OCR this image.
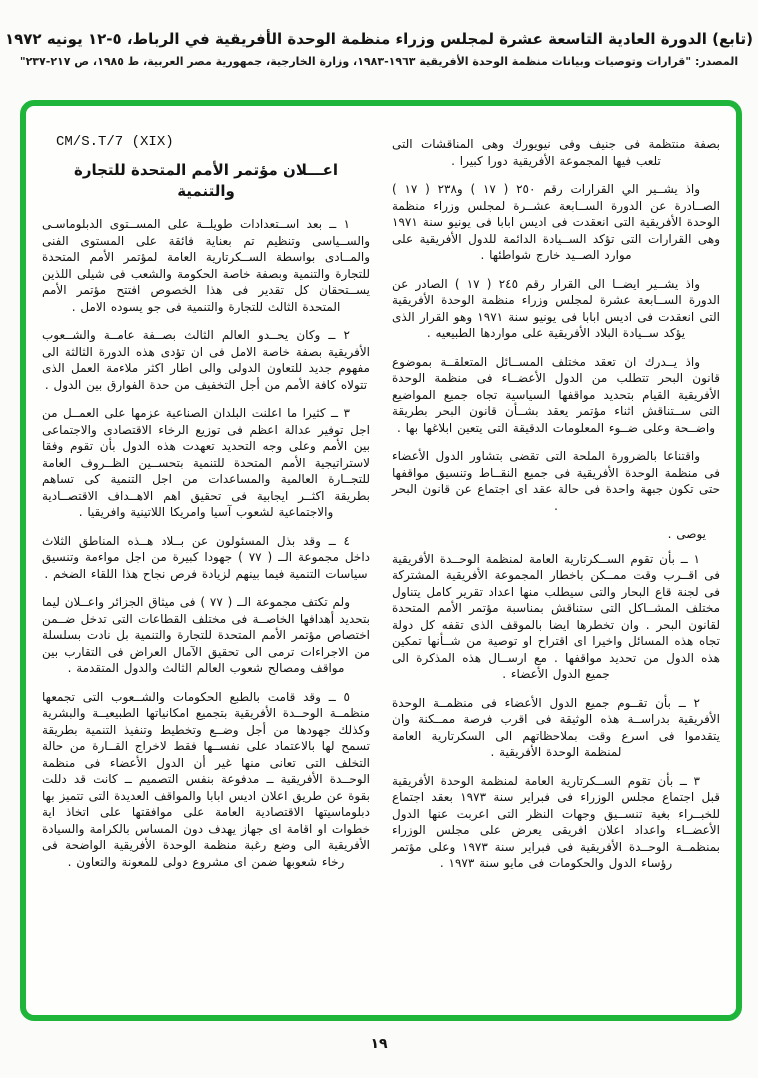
(تابع) الدورة العادية التاسعة عشرة لمجلس وزراء منظمة الوحدة الأفريقية في الرباط، ٥-١٢ يونيه ١٩٧٢
المصدر: "قرارات وتوصيات وبيانات منظمة الوحدة الأفريقية ١٩٦٣-١٩٨٣، وزارة الخارجية، جمهورية مصر العربية، ط ١٩٨٥، ص ٢١٧-٢٣٧"
CM/S.T/7 (XIX)
اعـــلان مؤتمر الأمم المتحدة للتجارة والتنمية

١ ــ بعد اســتعدادات طويلــة على المســتوى الدبلوماسـى والســياسى وتنظيم تم بعناية فائقة على المستوى الفنى والمــادى بواسطة الســكرتارية العامة لمؤتمر الأمم المتحدة للتجارة والتنمية وبصفة خاصة الحكومة والشعب فى شيلى اللذين يســتحقان كل تقدير فى هذا الخصوص افتتح مؤتمر الأمم المتحدة الثالث للتجارة والتنمية فى جو يسوده الامل .

٢ ــ وكان يحــدو العالم الثالث بصــفة عامــة والشــعوب الأفريقية بصفة خاصة الامل فى ان تؤدى هذه الدورة الثالثة الى مفهوم جديد للتعاون الدولى والى اطار اكثر ملاءمة العمل الذى تتولاه كافة الأمم من أجل التخفيف من حدة الفوارق بين الدول .

٣ ــ كثيرا ما اعلنت البلدان الصناعية عزمها على العمــل من اجل توفير عدالة اعظم فى توزيع الرخاء الاقتصادى والاجتماعى بين الأمم وعلى وجه التحديد تعهدت هذه الدول بأن تقوم وفقا لاستراتيجية الأمم المتحدة للتنمية بتحســين الظــروف العامة للتجــارة العالمية والمساعدات من اجل التنمية كى تساهم بطريقة اكثــر ايجابية فى تحقيق اهم الاهــداف الاقتصــادية والاجتماعية لشعوب آسيا وامريكا اللاتينية وافريقيا .

٤ ــ وقد بذل المسئولون عن بــلاد هــذه المناطق الثلاث داخل مجموعة الــ ( ٧٧ ) جهودا كبيرة من اجل مواءمة وتنسيق سياسات التنمية فيما بينهم لزيادة فرص نجاح هذا اللقاء الضخم .

ولم تكتف مجموعة الــ ( ٧٧ ) فى ميثاق الجزائر واعــلان ليما بتحديد أهدافها الخاصــة فى مختلف القطاعات التى تدخل ضــمن اختصاص مؤتمر الأمم المتحدة للتجارة والتنمية بل نادت بسلسلة من الاجراءات ترمى الى تحقيق الآمال العراض فى التقارب بين مواقف ومصالح شعوب العالم الثالث والدول المتقدمة .

٥ ــ وقد قامت بالطبع الحكومات والشــعوب التى تجمعها منظمــة الوحــدة الأفريقية بتجميع امكانياتها الطبيعيــة والبشرية وكذلك جهودها من أجل وضــع وتخطيط وتنفيذ التنمية بطريقة تسمح لها بالاعتماد على نفســها فقط لاخراج القــارة من حالة التخلف التى تعانى منها غير أن الدول الأعضاء فى منظمة الوحــدة الأفريقية ــ مدفوعة بنفس التصميم ــ كانت قد دللت بقوة عن طريق اعلان اديس ابابا والمواقف العديدة التى تتميز بها دبلوماسيتها الاقتصادية العامة على موافقتها على اتخاذ اية خطوات او اقامة اى جهاز يهدف دون المساس بالكرامة والسيادة الأفريقية الى وضع رغبة منظمة الوحدة الأفريقية الواضحة فى رخاء شعوبها ضمن اى مشروع دولى للمعونة والتعاون .

بصفة منتظمة فى جنيف وفى نيويورك وهى المناقشات التى تلعب فيها المجموعة الأفريقية دورا كبيرا .

واذ يشــير الي القرارات رقم ٢٥٠ ( ١٧ ) و٢٣٨ ( ١٧ ) الصــادرة عن الدورة الســابعة عشــرة لمجلس وزراء منظمة الوحدة الأفريقية التى انعقدت فى اديس ابابا فى يونيو سنة ١٩٧١ وهى القرارات التى تؤكد الســيادة الدائمة للدول الأفريقية على موارد الصــيد خارج شواطئها .

واذ يشــير ايضــا الى القرار رقم ٢٤٥ ( ١٧ ) الصادر عن الدورة الســابعة عشرة لمجلس وزراء منظمة الوحدة الأفريقية التى انعقدت فى اديس ابابا فى يونيو سنة ١٩٧١ وهو القرار الذى يؤكد ســيادة البلاد الأفريقية على مواردها الطبيعيه .

واذ يــدرك ان تعقد مختلف المســائل المتعلقــة بموضوع قانون البحر تتطلب من الدول الأعضــاء فى منظمة الوحدة الأفريقية القيام بتحديد مواقفها السياسية تجاه جميع المواضيع التى ســتناقش اثناء مؤتمر يعقد بشــأن قانون البحر بطريقة واضــحة وعلى ضــوء المعلومات الدقيقة التى يتعين ابلاغها بها .

واقتناعا بالضرورة الملحة التى تقضى بتشاور الدول الأعضاء فى منظمة الوحدة الأفريقية فى جميع النقــاط وتنسيق مواقفها حتى تكون جبهة واحدة فى حالة عقد اى اجتماع عن قانون البحر .

يوصى .

١ ــ بأن تقوم الســكرتارية العامة لمنظمة الوحــدة الأفريقية فى اقــرب وقت ممــكن باخطار المجموعة الأفريقية المشتركة فى لجنة قاع البحار والتى سيطلب منها اعداد تقرير كامل يتناول مختلف المشــاكل التى ستناقش بمناسبة مؤتمر الأمم المتحدة لقانون البحر . وان تخطرها ايضا بالموقف الذى تقفه كل دولة تجاه هذه المسائل واخيرا اى اقتراح او توصية من شــأنها تمكين هذه الدول من تحديد مواقفها . مع ارســال هذه المذكرة الى جميع الدول الأعضاء .

٢ ــ بأن تقــوم جميع الدول الأعضاء فى منظمــة الوحدة الأفريقية بدراســة هذه الوثيقة فى اقرب فرصة ممــكنة وان يتقدموا فى اسرع وقت بملاحظاتهم الى السكرتارية العامة لمنظمة الوحدة الأفريقية .

٣ ــ بأن تقوم الســكرتارية العامة لمنظمة الوحدة الأفريقية قبل اجتماع مجلس الوزراء فى فبراير سنة ١٩٧٣ بعقد اجتماع للخبــراء بغية تنســيق وجهات النظر التى اعربت عنها الدول الأعضــاء واعداد اعلان افريقى يعرض على مجلس الوزراء بمنظمــة الوحــدة الأفريقية فى فبراير سنة ١٩٧٣ وعلى مؤتمر رؤساء الدول والحكومات فى مايو سنة ١٩٧٣ .

١٩
